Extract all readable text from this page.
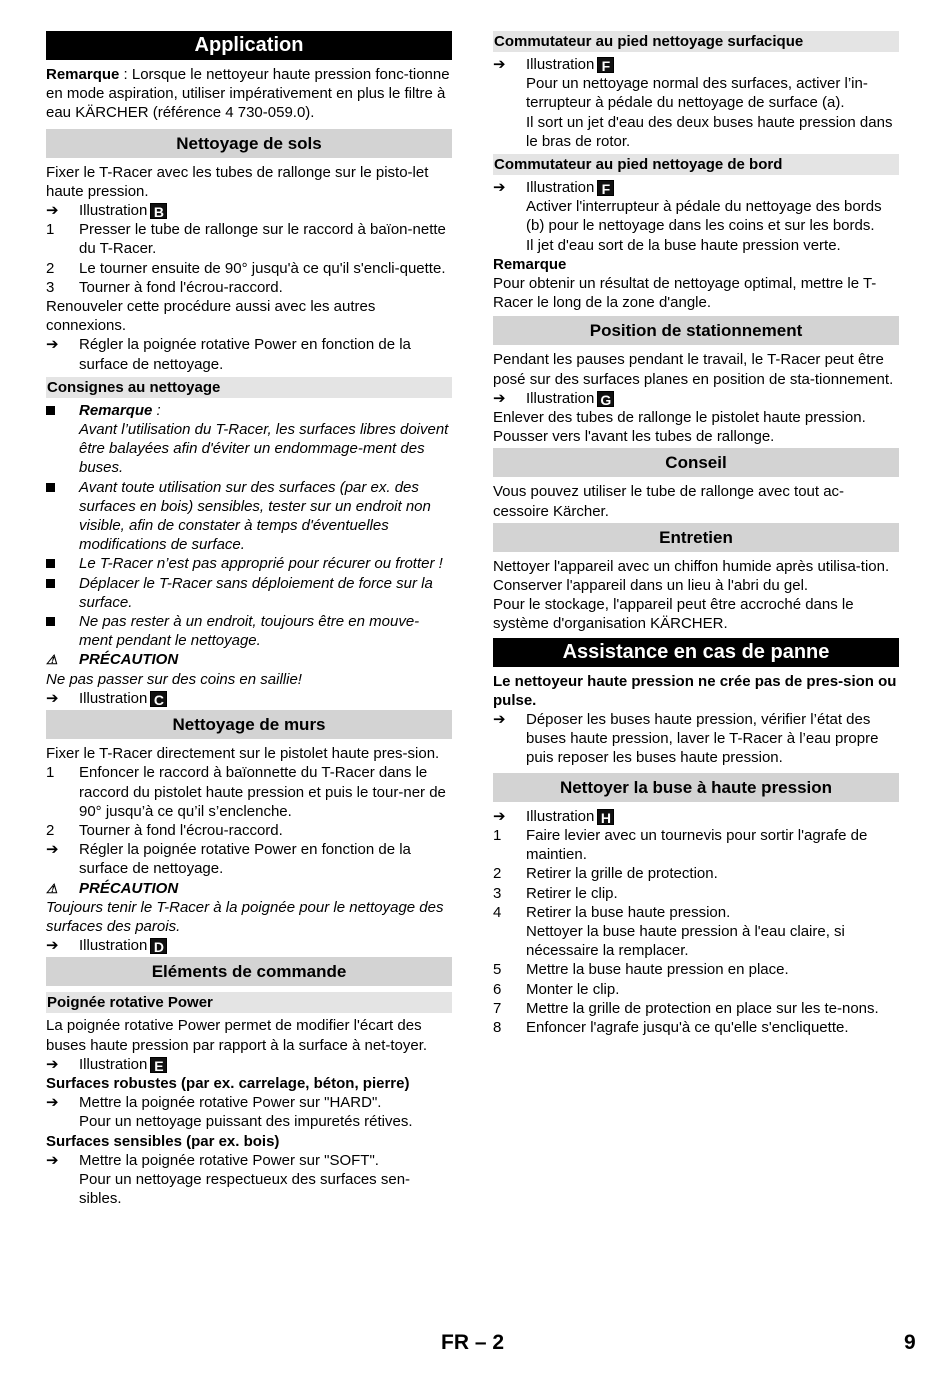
Application

Remarque : Lorsque le nettoyeur haute pression fonc-tionne en mode aspiration, utiliser impérativement en plus le filtre à eau KÄRCHER (référence 4 730-059.0).

Nettoyage de sols

Fixer le T-Racer avec les tubes de rallonge sur le pisto-let haute pression.

➔	Illustration B
1	Presser le tube de rallonge sur le raccord à baïon-nette du T-Racer.
2	Le tourner ensuite de 90° jusqu'à ce qu'il s'encli-quette.
3	Tourner à fond l'écrou-raccord.

Renouveler cette procédure aussi avec les autres connexions.

➔	Régler la poignée rotative Power en fonction de la surface de nettoyage.
Consignes au nettoyage
Remarque :
Avant l’utilisation du T-Racer, les surfaces libres doivent être balayées afin d'éviter un endommage-ment des buses.
Avant toute utilisation sur des surfaces (par ex. des surfaces en bois) sensibles, tester sur un endroit non visible, afin de constater à temps d'éventuelles modifications de surface.
Le T-Racer n’est pas approprié pour récurer ou frotter !
Déplacer le T-Racer sans déploiement de force sur la surface.
Ne pas rester à un endroit, toujours être en mouve-ment pendant le nettoyage.
⚠	PRÉCAUTION

Ne pas passer sur des coins en saillie!

➔	Illustration C
Nettoyage de murs

Fixer le T-Racer directement sur le pistolet haute pres-sion.

1	Enfoncer le raccord à baïonnette du T-Racer dans le raccord du pistolet haute pression et puis le tour-ner de 90° jusqu’à ce qu’il s’enclenche.
2	Tourner à fond l'écrou-raccord.
➔	Régler la poignée rotative Power en fonction de la surface de nettoyage.
⚠	PRÉCAUTION

Toujours tenir le T-Racer à la poignée pour le nettoyage des surfaces des parois.

➔	Illustration D
Eléments de commande
Poignée rotative Power

La poignée rotative Power permet de modifier l'écart des buses haute pression par rapport à la surface à net-toyer.

➔	Illustration E

Surfaces robustes (par ex. carrelage, béton, pierre)

➔	Mettre la poignée rotative Power sur "HARD".

Pour un nettoyage puissant des impuretés rétives.

Surfaces sensibles (par ex. bois)

➔	Mettre la poignée rotative Power sur "SOFT".

Pour un nettoyage respectueux des surfaces sen-sibles.

Commutateur au pied nettoyage surfacique
➔	Illustration F

Pour un nettoyage normal des surfaces, activer l’in-terrupteur à pédale du nettoyage de surface (a).

Il sort un jet d'eau des deux buses haute pression dans le bras de rotor.

Commutateur au pied nettoyage de bord
➔	Illustration F

Activer l'interrupteur à pédale du nettoyage des bords (b) pour le nettoyage dans les coins et sur les bords.

Il jet d'eau sort de la buse haute pression verte.

Remarque

Pour obtenir un résultat de nettoyage optimal, mettre le T-Racer le long de la zone d'angle.

Position de stationnement

Pendant les pauses pendant le travail, le T-Racer peut être posé sur des surfaces planes en position de sta-tionnement.

➔	Illustration G

Enlever des tubes de rallonge le pistolet haute pression.

Pousser vers l'avant les tubes de rallonge.

Conseil

Vous pouvez utiliser le tube de rallonge avec tout ac-cessoire Kärcher.

Entretien

Nettoyer l'appareil avec un chiffon humide après utilisa-tion.

Conserver l'appareil dans un lieu à l'abri du gel.

Pour le stockage, l'appareil peut être accroché dans le système d'organisation KÄRCHER.

Assistance en cas de panne

Le nettoyeur haute pression ne crée pas de pres-sion ou pulse.

➔	Déposer les buses haute pression, vérifier l’état des buses haute pression, laver le T-Racer à l’eau propre puis reposer les buses haute pression.
Nettoyer la buse à haute pression
➔	Illustration H
1	Faire levier avec un tournevis pour sortir l'agrafe de maintien.
2	Retirer la grille de protection.
3	Retirer le clip.
4	Retirer la buse haute pression.

Nettoyer la buse haute pression à l'eau claire, si nécessaire la remplacer.

5	Mettre la buse haute pression en place.
6	Monter le clip.
7	Mettre la grille de protection en place sur les te-nons.
8	Enfoncer l'agrafe jusqu'à ce qu'elle s'encliquette.
FR – 2	9
